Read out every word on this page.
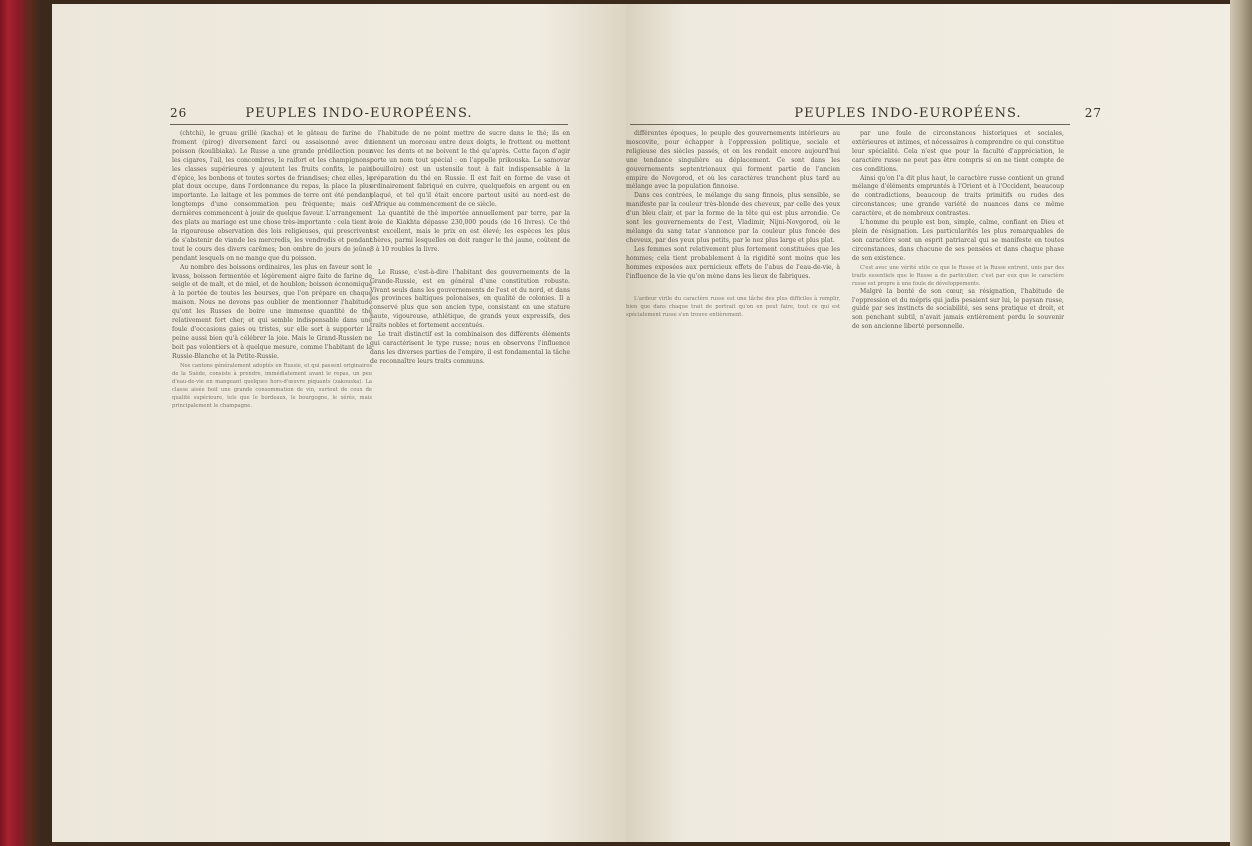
26	PEUPLES INDO-EUROPÉENS.

(chtchi), le gruau grillé (kacha) et le gâteau de farine de froment (pirog) diversement farci ou assaisonné avec du poisson (koulibiaka). Le Russe a une grande prédilection pour les cigares, l'ail, les concombres, le raifort et les champignons; les classes supérieures y ajoutent les fruits confits, le pain d'épice, les bonbons et toutes sortes de friandises; chez elles, le plat doux occupe, dans l'ordonnance du repas, la place la plus importante. Le laitage et les pommes de terre ont été pendant longtemps d'une consommation peu fréquente; mais ces dernières commencent à jouir de quelque faveur. L'arrangement des plats au mariage est une chose très-importante : cela tient à la rigoureuse observation des lois religieuses, qui prescrivent de s'abstenir de viande les mercredis, les vendredis et pendant tout le cours des divers carêmes; bon ombre de jours de jeûne, pendant lesquels on ne mange que du poisson.

Au nombre des boissons ordinaires, les plus en faveur sont le kvass, boisson fermentée et légèrement aigre faite de farine de seigle et de malt, et de miel, et de houblon; boisson économique à la portée de toutes les bourses, que l'on prépare en chaque maison. Nous ne devons pas oublier de mentionner l'habitude qu'ont les Russes de boire une immense quantité de thé relativement fort cher, et qui semble indispensable dans une foule d'occasions gaies ou tristes, sur elle sort à supporter la peine aussi bien qu'à célébrer la joie. Mais le Grand-Russien ne boit pas volontiers et à quelque mesure, comme l'habitant de la Russie-Blanche et la Petite-Russie.

Nos cantons généralement adoptés en Russie, et qui passent originaires de la Suède, consiste à prendre, immédiatement avant le repas, un peu d'eau-de-vie en mangeant quelques hors-d'œuvre piquants (zakouska). La classe aisée boit une grande consommation de vin, surtout de ceux de qualité supérieure, tels que le bordeaux, le bourgogne, le xérès, mais principalement le champagne.

l'habitude de ne point mettre de sucre dans le thé; ils en tiennent un morceau entre deux doigts, le frottent ou mettent avec les dents et ne boivent le thé qu'après. Cette façon d'agir porte un nom tout spécial : on l'appelle prikouska. Le samovar (bouilloire) est un ustensile tout à fait indispensable à la préparation du thé en Russie. Il est fait en forme de vase et ordinairement fabriqué en cuivre, quelquefois en argent ou en plaqué, et tel qu'il était encore partout usité au nord-est de l'Afrique au commencement de ce siècle.

La quantité de thé importée annuellement par terre, par la voie de Kiakhta dépasse 230,000 pouds (de 16 livres). Ce thé est excellent, mais le prix en est élevé; les espèces les plus chères, parmi lesquelles on doit ranger le thé jaune, coûtent de 8 à 10 roubles la livre.

Le Russe, c'est-à-dire l'habitant des gouvernements de la Grande-Russie, est en général d'une constitution robuste. Vivant seuls dans les gouvernements de l'est et du nord, et dans les provinces baltiques polonaises, en qualité de colonies. Il a conservé plus que son ancien type, consistant en une stature haute, vigoureuse, athlétique, de grands yeux expressifs, des traits nobles et fortement accentués.

Le trait distinctif est la combinaison des différents éléments qui caractérisent le type russe; nous en observons l'influence dans les diverses parties de l'empire, il est fondamental la tâche de reconnaître leurs traits communs.

PEUPLES INDO-EUROPÉENS.	27

différentes époques, le peuple des gouvernements intérieurs au moscovite, pour échapper à l'oppression politique, sociale et religieuse des siècles passés, et on les rendait encore aujourd'hui une tendance singulière au déplacement. Ce sont dans les gouvernements septentrionaux qui forment partie de l'ancien empire de Novgorod, et où les caractères tranchent plus tard au mélange avec la population finnoise.

Dans ces contrées, le mélange du sang finnois, plus sensible, se manifeste par la couleur très-blonde des cheveux, par celle des yeux d'un bleu clair, et par la forme de la tête qui est plus arrondie. Ce sont les gouvernements de l'est, Vladimir, Nijni-Novgorod, où le mélange du sang tatar s'annonce par la couleur plus foncée des cheveux, par des yeux plus petits, par le nez plus large et plus plat.

Les femmes sont relativement plus fortement constituées que les hommes; cela tient probablement à la rigidité sont moins que les hommes exposées aux pernicieux effets de l'abus de l'eau-de-vie, à l'influence de la vie qu'on mène dans les lieux de fabriques.

L'ardeur virile du caractère russe est une tâche des plus difficiles à remplir, bien que dans chaque trait de portrait qu'on en peut faire, tout ce qui est spécialement russe s'en trouve entièrement.

par une foule de circonstances historiques et sociales, extérieures et intimes, et nécessaires à comprendre ce qui constitue leur spécialité. Cela n'est que pour la faculté d'appréciation, le caractère russe ne peut pas être compris si on ne tient compte de ces conditions.

Ainsi qu'on l'a dit plus haut, le caractère russe contient un grand mélange d'éléments empruntés à l'Orient et à l'Occident, beaucoup de contradictions, beaucoup de traits primitifs ou rudes des circonstances; une grande variété de nuances dans ce même caractère, et de nombreux contrastes.

L'homme du peuple est bon, simple, calme, confiant en Dieu et plein de résignation. Les particularités les plus remarquables de son caractère sont un esprit patriarcal qui se manifeste en toutes circonstances, dans chacune de ses pensées et dans chaque phase de son existence.

C'est avec une vérité utile ce que le Russe et la Russe entrent, unis par des traits essentiels que le Russe a de particulier; c'est par eux que le caractère russe est propre à une foule de développements.

Malgré la bonté de son cœur, sa résignation, l'habitude de l'oppression et du mépris qui jadis pesaient sur lui, le paysan russe, guidé par ses instincts de sociabilité, ses sens pratique et droit, et son penchant subtil, n'avait jamais entièrement perdu le souvenir de son ancienne liberté personnelle.
